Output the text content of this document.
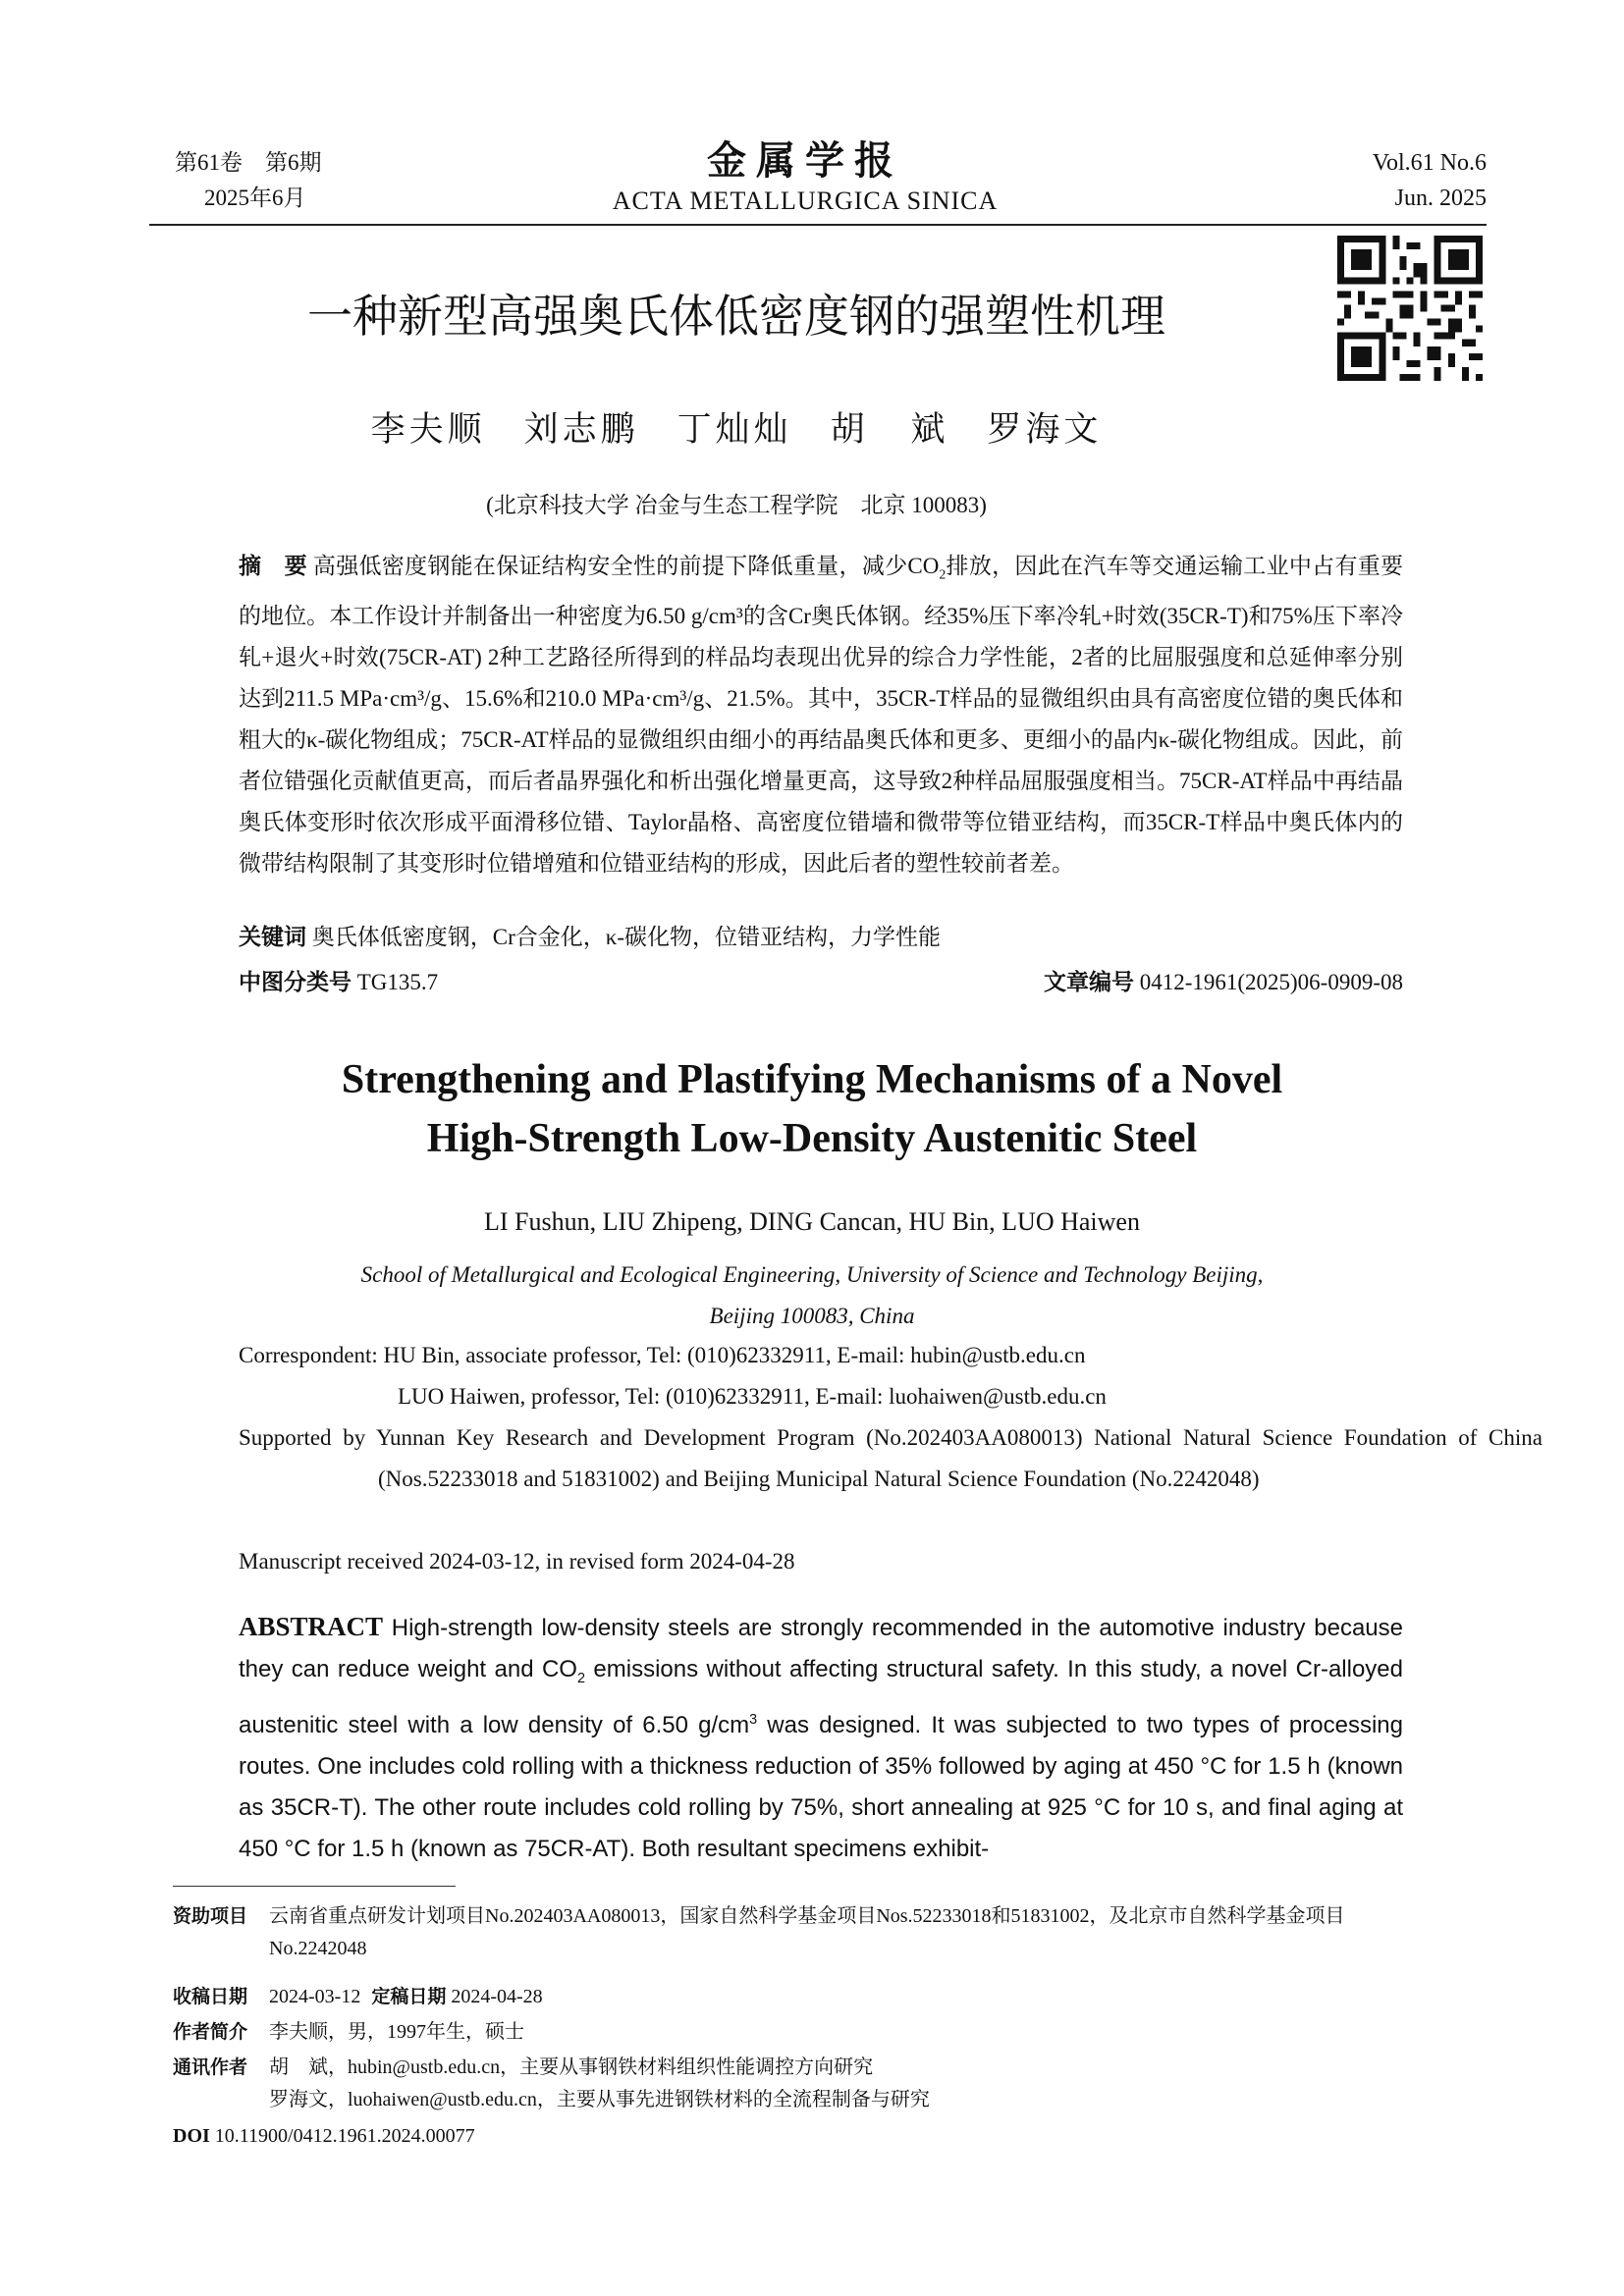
第61卷　第6期
2025年6月
金属学报
ACTA METALLURGICA SINICA
Vol.61 No.6
Jun. 2025
一种新型高强奥氏体低密度钢的强塑性机理
李夫顺　刘志鹏　丁灿灿　胡 斌　罗海文
(北京科技大学 冶金与生态工程学院　北京 100083)
摘　要 高强低密度钢能在保证结构安全性的前提下降低重量，减少$CO_2$排放，因此在汽车等交通运输工业中占有重要的地位。本工作设计并制备出一种密度为6.50 g/cm³的含Cr奥氏体钢。经35%压下率冷轧+时效(35CR-T)和75%压下率冷轧+退火+时效(75CR-AT) 2种工艺路径所得到的样品均表现出优异的综合力学性能，2者的比屈服强度和总延伸率分别达到211.5 MPa·cm³/g、15.6%和210.0 MPa·cm³/g、21.5%。其中，35CR-T样品的显微组织由具有高密度位错的奥氏体和粗大的κ-碳化物组成；75CR-AT样品的显微组织由细小的再结晶奥氏体和更多、更细小的晶内κ-碳化物组成。因此，前者位错强化贡献值更高，而后者晶界强化和析出强化增量更高，这导致2种样品屈服强度相当。75CR-AT样品中再结晶奥氏体变形时依次形成平面滑移位错、Taylor晶格、高密度位错墙和微带等位错亚结构，而35CR-T样品中奥氏体内的微带结构限制了其变形时位错增殖和位错亚结构的形成，因此后者的塑性较前者差。
关键词 奥氏体低密度钢，Cr合金化，κ-碳化物，位错亚结构，力学性能
中图分类号 TG135.7	文章编号 0412-1961(2025)06-0909-08
Strengthening and Plastifying Mechanisms of a Novel
High-Strength Low-Density Austenitic Steel
LI Fushun, LIU Zhipeng, DING Cancan, HU Bin, LUO Haiwen
School of Metallurgical and Ecological Engineering, University of Science and Technology Beijing,
Beijing 100083, China
Correspondent: HU Bin, associate professor, Tel: (010)62332911, E-mail: hubin@ustb.edu.cn
LUO Haiwen, professor, Tel: (010)62332911, E-mail: luohaiwen@ustb.edu.cn
Supported by Yunnan Key Research and Development Program (No.202403AA080013) National Natural Science Foundation of China (Nos.52233018 and 51831002) and Beijing Municipal Natural Science Foundation (No.2242048)
Manuscript received 2024-03-12, in revised form 2024-04-28
ABSTRACT High-strength low-density steels are strongly recommended in the automotive industry because they can reduce weight and $CO_2$ emissions without affecting structural safety. In this study, a novel Cr-alloyed austenitic steel with a low density of 6.50 $g/cm^3$ was designed. It was subjected to two types of processing routes. One includes cold rolling with a thickness reduction of 35% followed by aging at 450 °C for 1.5 h (known as 35CR-T). The other route includes cold rolling by 75%, short annealing at 925 °C for 10 s, and final aging at 450 °C for 1.5 h (known as 75CR-AT). Both resultant specimens exhibit-
资助项目	云南省重点研发计划项目No.202403AA080013，国家自然科学基金项目Nos.52233018和51831002，及北京市自然科学基金项目No.2242048
收稿日期 2024-03-12 定稿日期 2024-04-28
作者简介 李夫顺，男，1997年生，硕士
通讯作者 胡　斌，hubin@ustb.edu.cn，主要从事钢铁材料组织性能调控方向研究
罗海文，luohaiwen@ustb.edu.cn，主要从事先进钢铁材料的全流程制备与研究
DOI 10.11900/0412.1961.2024.00077
